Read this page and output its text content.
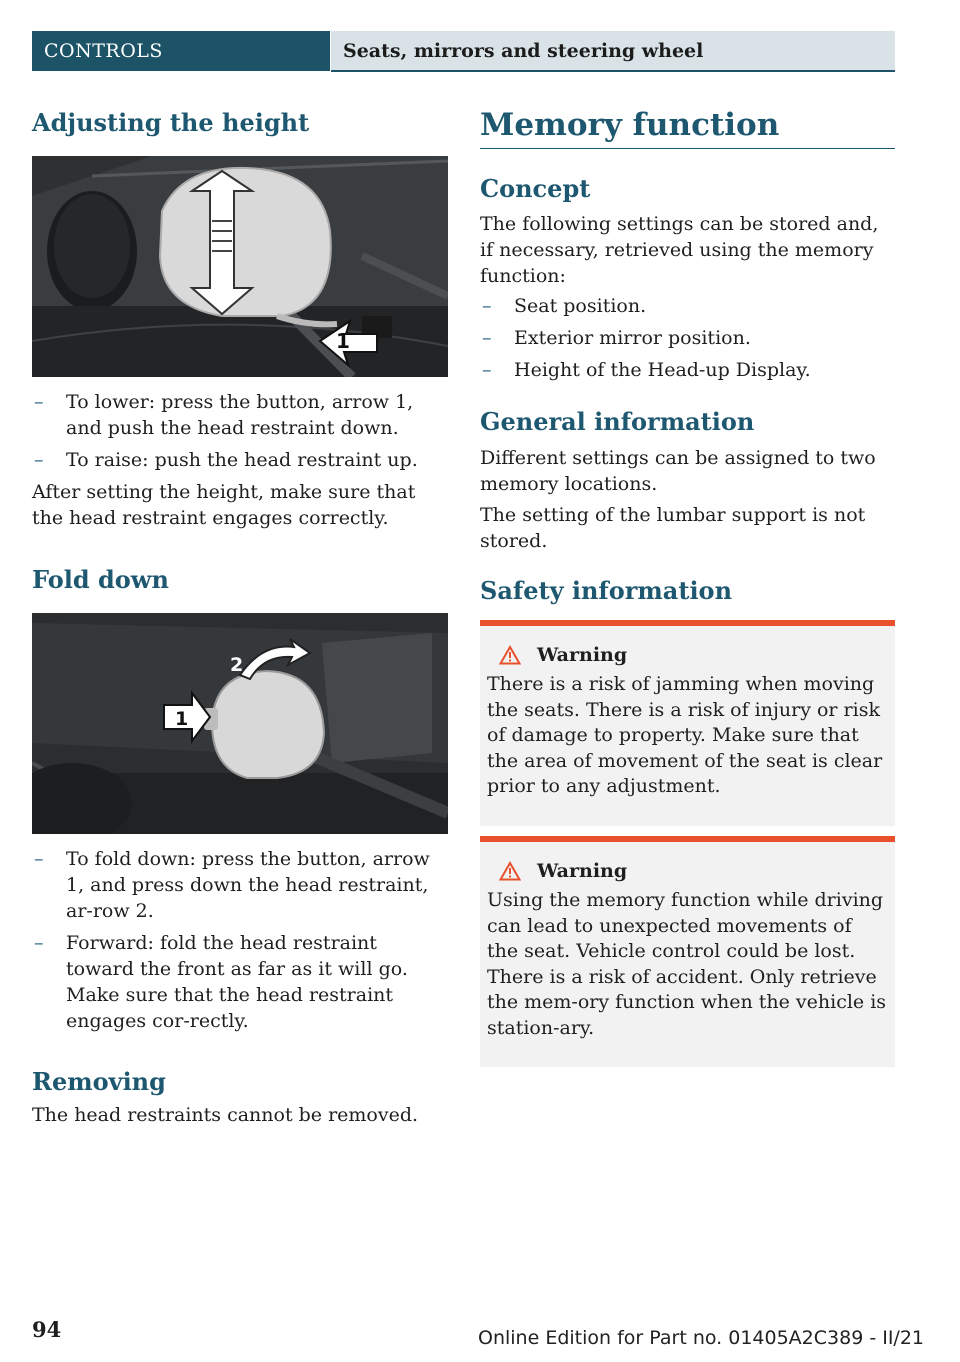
CONTROLS	Seats, mirrors and steering wheel
Adjusting the height
1
– To lower: press the button, arrow 1, and push the head restraint down.
– To raise: push the head restraint up.

After setting the height, make sure that the head restraint engages correctly.

Fold down
1
2
– To fold down: press the button, arrow 1, and press down the head restraint, ar-row 2.
– Forward: fold the head restraint toward the front as far as it will go. Make sure that the head restraint engages cor-rectly.
Removing

The head restraints cannot be removed.

Memory function
Concept

The following settings can be stored and, if necessary, retrieved using the memory function:

– Seat position.
– Exterior mirror position.
– Height of the Head-up Display.
General information

Different settings can be assigned to two memory locations.

The setting of the lumbar support is not stored.

Safety information
Warning

There is a risk of jamming when moving the seats. There is a risk of injury or risk of damage to property. Make sure that the area of movement of the seat is clear prior to any adjustment.

Warning

Using the memory function while driving can lead to unexpected movements of the seat. Vehicle control could be lost. There is a risk of accident. Only retrieve the mem-ory function when the vehicle is station-ary.

94	Online Edition for Part no. 01405A2C389 - II/21
